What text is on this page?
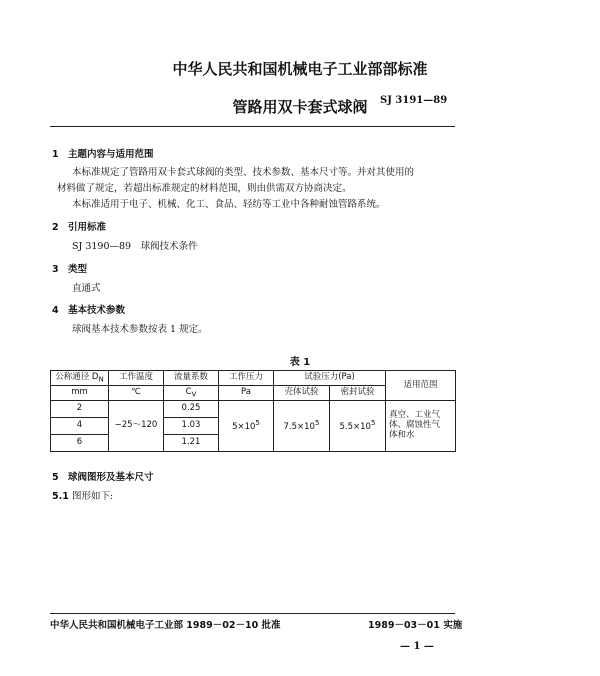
中华人民共和国机械电子工业部部标准
SJ 3191—89
管路用双卡套式球阀
1 主题内容与适用范围
本标准规定了管路用双卡套式球阀的类型、技术参数、基本尺寸等。并对其使用的
材料做了规定，若超出标准规定的材料范围，则由供需双方协商决定。
本标准适用于电子、机械、化工、食品、轻纺等工业中各种耐蚀管路系统。
2 引用标准
SJ 3190—89　球阀技术条件
3 类型
直通式
4 基本技术参数
球阀基本技术参数按表 1 规定。
表 1
公称通径 $D_N$	工作温度	流量系数	工作压力	试验压力(Pa)		适用范围
mm	℃	$C_V$	Pa	壳体试验	密封试验	
2	−25～120	0.25	$5\times 10^5$	$7.5\times 10^5$	$5.5\times 10^5$	真空、工业气
体、腐蚀性气
体和水
4		1.03				
6		1.21				
5 球阀图形及基本尺寸
5.1 图形如下:
中华人民共和国机械电子工业部 1989－02－10 批准	1989－03－01 实施
— 1 —
